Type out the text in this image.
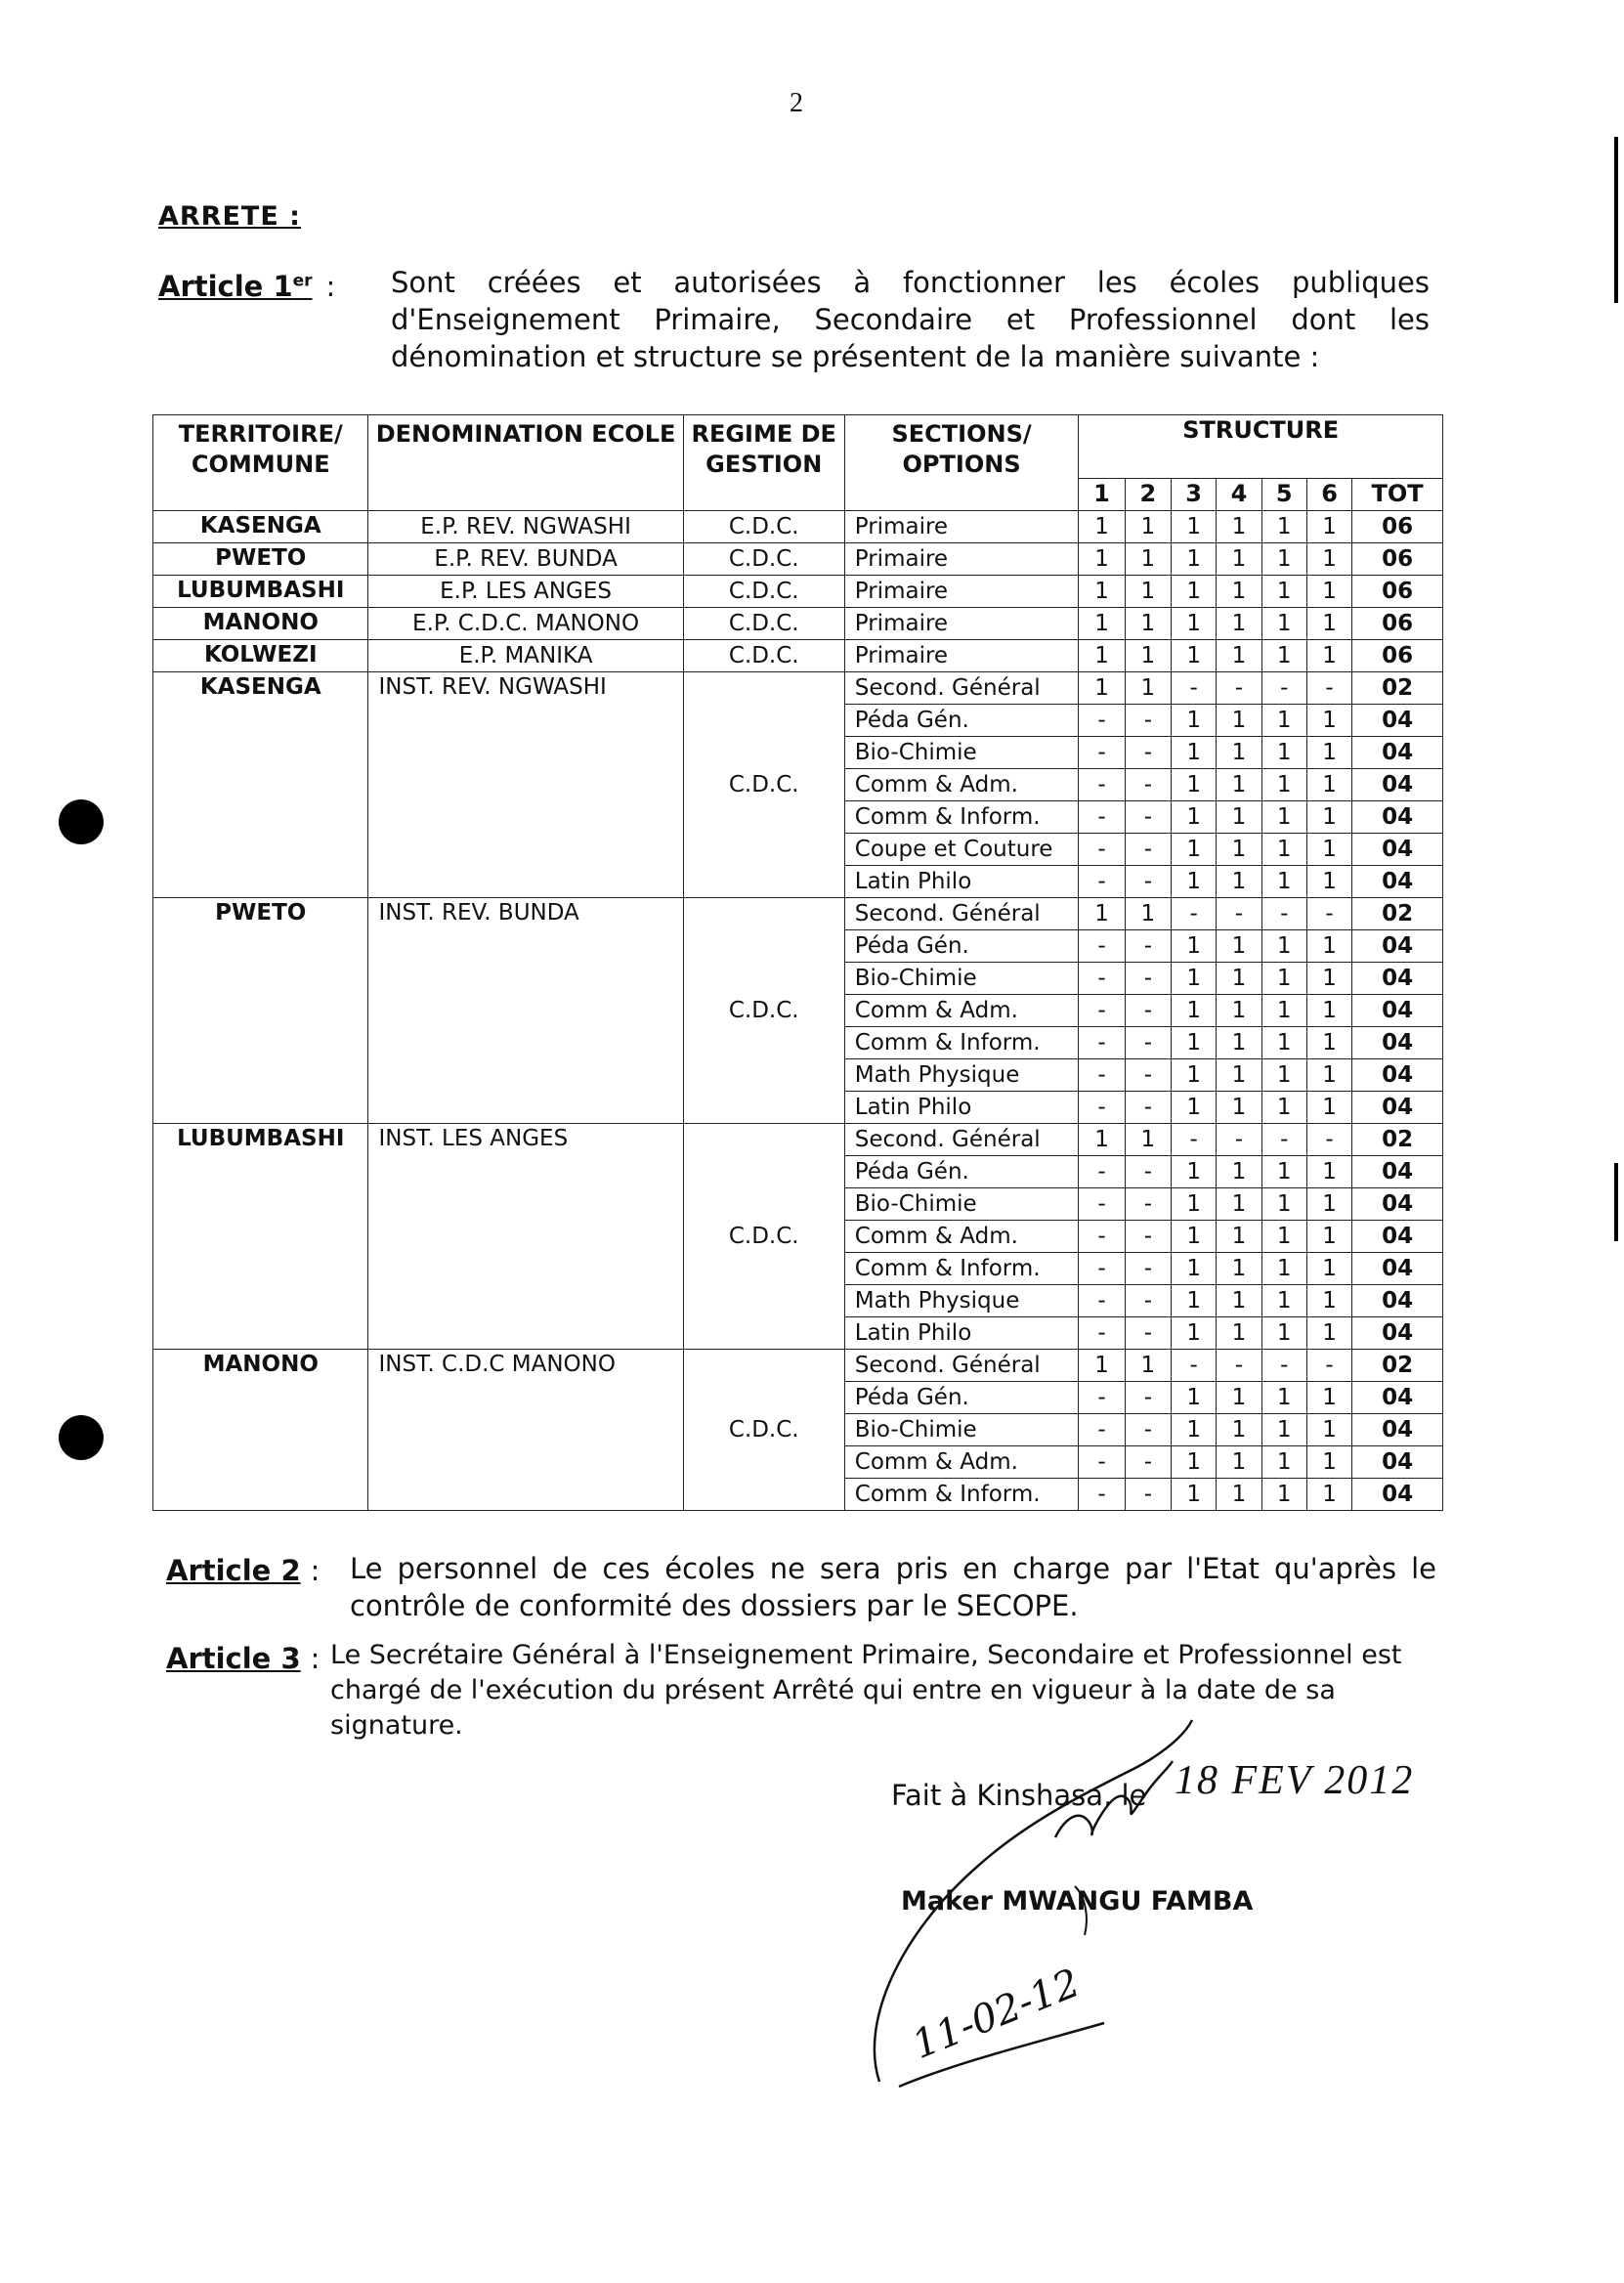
2
ARRETE :
Article 1er : Sont créées et autorisées à fonctionner les écoles publiques d'Enseignement Primaire, Secondaire et Professionnel dont les dénomination et structure se présentent de la manière suivante :
TERRITOIRE/ COMMUNE	DENOMINATION ECOLE	REGIME DE GESTION	SECTIONS/ OPTIONS	STRUCTURE						
				1	2	3	4	5	6	TOT
KASENGA	E.P. REV. NGWASHI	C.D.C.	Primaire	1	1	1	1	1	1	06
PWETO	E.P. REV. BUNDA	C.D.C.	Primaire	1	1	1	1	1	1	06
LUBUMBASHI	E.P. LES ANGES	C.D.C.	Primaire	1	1	1	1	1	1	06
MANONO	E.P. C.D.C. MANONO	C.D.C.	Primaire	1	1	1	1	1	1	06
KOLWEZI	E.P. MANIKA	C.D.C.	Primaire	1	1	1	1	1	1	06
KASENGA	INST. REV. NGWASHI	C.D.C.	Second. Général	1	1	-	-	-	-	02
			Péda Gén.	-	-	1	1	1	1	04
			Bio-Chimie	-	-	1	1	1	1	04
			Comm & Adm.	-	-	1	1	1	1	04
			Comm & Inform.	-	-	1	1	1	1	04
			Coupe et Couture	-	-	1	1	1	1	04
			Latin Philo	-	-	1	1	1	1	04
PWETO	INST. REV. BUNDA	C.D.C.	Second. Général	1	1	-	-	-	-	02
			Péda Gén.	-	-	1	1	1	1	04
			Bio-Chimie	-	-	1	1	1	1	04
			Comm & Adm.	-	-	1	1	1	1	04
			Comm & Inform.	-	-	1	1	1	1	04
			Math Physique	-	-	1	1	1	1	04
			Latin Philo	-	-	1	1	1	1	04
LUBUMBASHI	INST. LES ANGES	C.D.C.	Second. Général	1	1	-	-	-	-	02
			Péda Gén.	-	-	1	1	1	1	04
			Bio-Chimie	-	-	1	1	1	1	04
			Comm & Adm.	-	-	1	1	1	1	04
			Comm & Inform.	-	-	1	1	1	1	04
			Math Physique	-	-	1	1	1	1	04
			Latin Philo	-	-	1	1	1	1	04
MANONO	INST. C.D.C MANONO	C.D.C.	Second. Général	1	1	-	-	-	-	02
			Péda Gén.	-	-	1	1	1	1	04
			Bio-Chimie	-	-	1	1	1	1	04
			Comm & Adm.	-	-	1	1	1	1	04
			Comm & Inform.	-	-	1	1	1	1	04
Article 2 : Le personnel de ces écoles ne sera pris en charge par l'Etat qu'après le contrôle de conformité des dossiers par le SECOPE.
Article 3 : Le Secrétaire Général à l'Enseignement Primaire, Secondaire et Professionnel est chargé de l'exécution du présent Arrêté qui entre en vigueur à la date de sa signature.
Fait à Kinshasa, le 18 FEV 2012
11-02-12
Maker MWANGU FAMBA
